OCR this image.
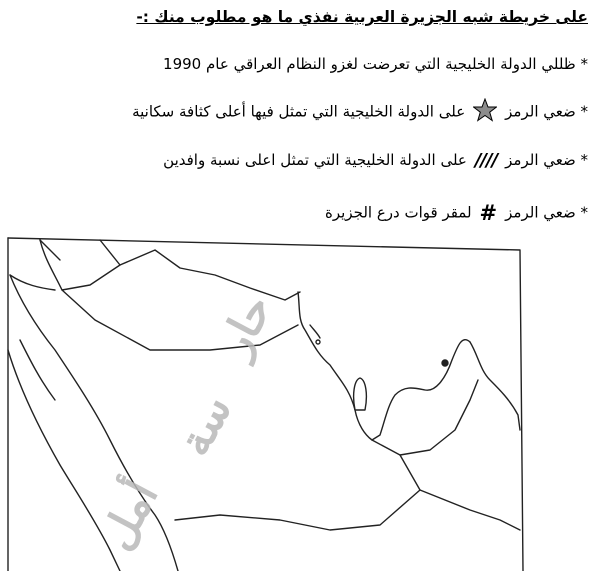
على خريطة شبه الجزيرة العربية نفذي ما هو مطلوب منك :-
* ظللي الدولة الخليجية التي تعرضت لغزو النظام العراقي عام 1990
* ضعي الرمزعلى الدولة الخليجية التي تمثل فيها أعلى كثافة سكانية
* ضعي الرمز////على الدولة الخليجية التي تمثل اعلى نسبة وافدين
* ضعي الرمز#لمقر قوات درع الجزيرة
حار
سة
أمل
